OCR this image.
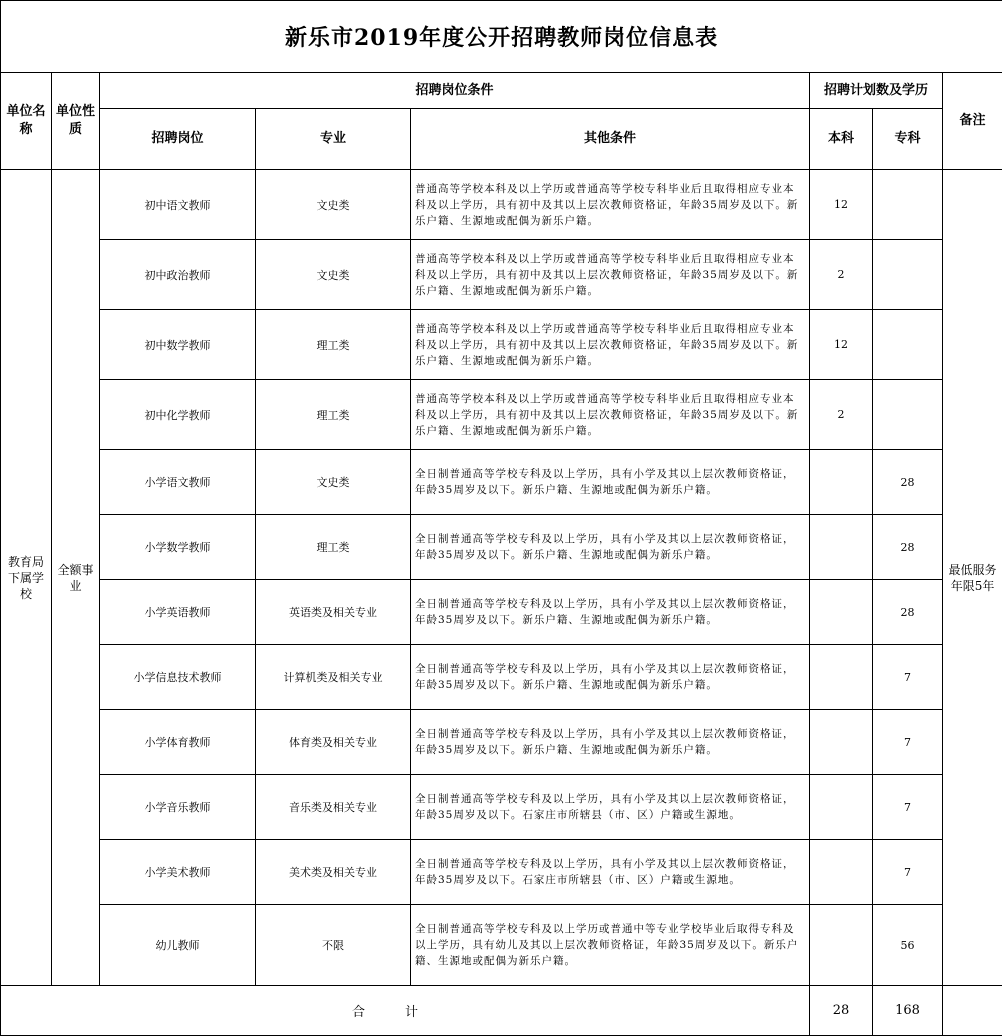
新乐市2019年度公开招聘教师岗位信息表							
单位名称	单位性质	招聘岗位条件			招聘计划数及学历		备注
		招聘岗位	专业	其他条件	本科	专科	
教育局下属学校	全额事业	初中语文教师	文史类	普通高等学校本科及以上学历或普通高等学校专科毕业后且取得相应专业本科及以上学历，具有初中及其以上层次教师资格证，年龄35周岁及以下。新乐户籍、生源地或配偶为新乐户籍。	12		最低服务年限5年
		初中政治教师	文史类	普通高等学校本科及以上学历或普通高等学校专科毕业后且取得相应专业本科及以上学历，具有初中及其以上层次教师资格证，年龄35周岁及以下。新乐户籍、生源地或配偶为新乐户籍。	2		
		初中数学教师	理工类	普通高等学校本科及以上学历或普通高等学校专科毕业后且取得相应专业本科及以上学历，具有初中及其以上层次教师资格证，年龄35周岁及以下。新乐户籍、生源地或配偶为新乐户籍。	12		
		初中化学教师	理工类	普通高等学校本科及以上学历或普通高等学校专科毕业后且取得相应专业本科及以上学历，具有初中及其以上层次教师资格证，年龄35周岁及以下。新乐户籍、生源地或配偶为新乐户籍。	2		
		小学语文教师	文史类	全日制普通高等学校专科及以上学历，具有小学及其以上层次教师资格证，年龄35周岁及以下。新乐户籍、生源地或配偶为新乐户籍。		28	
		小学数学教师	理工类	全日制普通高等学校专科及以上学历，具有小学及其以上层次教师资格证，年龄35周岁及以下。新乐户籍、生源地或配偶为新乐户籍。		28	
		小学英语教师	英语类及相关专业	全日制普通高等学校专科及以上学历，具有小学及其以上层次教师资格证，年龄35周岁及以下。新乐户籍、生源地或配偶为新乐户籍。		28	
		小学信息技术教师	计算机类及相关专业	全日制普通高等学校专科及以上学历，具有小学及其以上层次教师资格证，年龄35周岁及以下。新乐户籍、生源地或配偶为新乐户籍。		7	
		小学体育教师	体育类及相关专业	全日制普通高等学校专科及以上学历，具有小学及其以上层次教师资格证，年龄35周岁及以下。新乐户籍、生源地或配偶为新乐户籍。		7	
		小学音乐教师	音乐类及相关专业	全日制普通高等学校专科及以上学历，具有小学及其以上层次教师资格证，年龄35周岁及以下。石家庄市所辖县（市、区）户籍或生源地。		7	
		小学美术教师	美术类及相关专业	全日制普通高等学校专科及以上学历，具有小学及其以上层次教师资格证，年龄35周岁及以下。石家庄市所辖县（市、区）户籍或生源地。		7	
		幼儿教师	不限	全日制普通高等学校专科及以上学历或普通中等专业学校毕业后取得专科及以上学历，具有幼儿及其以上层次教师资格证，年龄35周岁及以下。新乐户籍、生源地或配偶为新乐户籍。		56	
合计					28	168	
